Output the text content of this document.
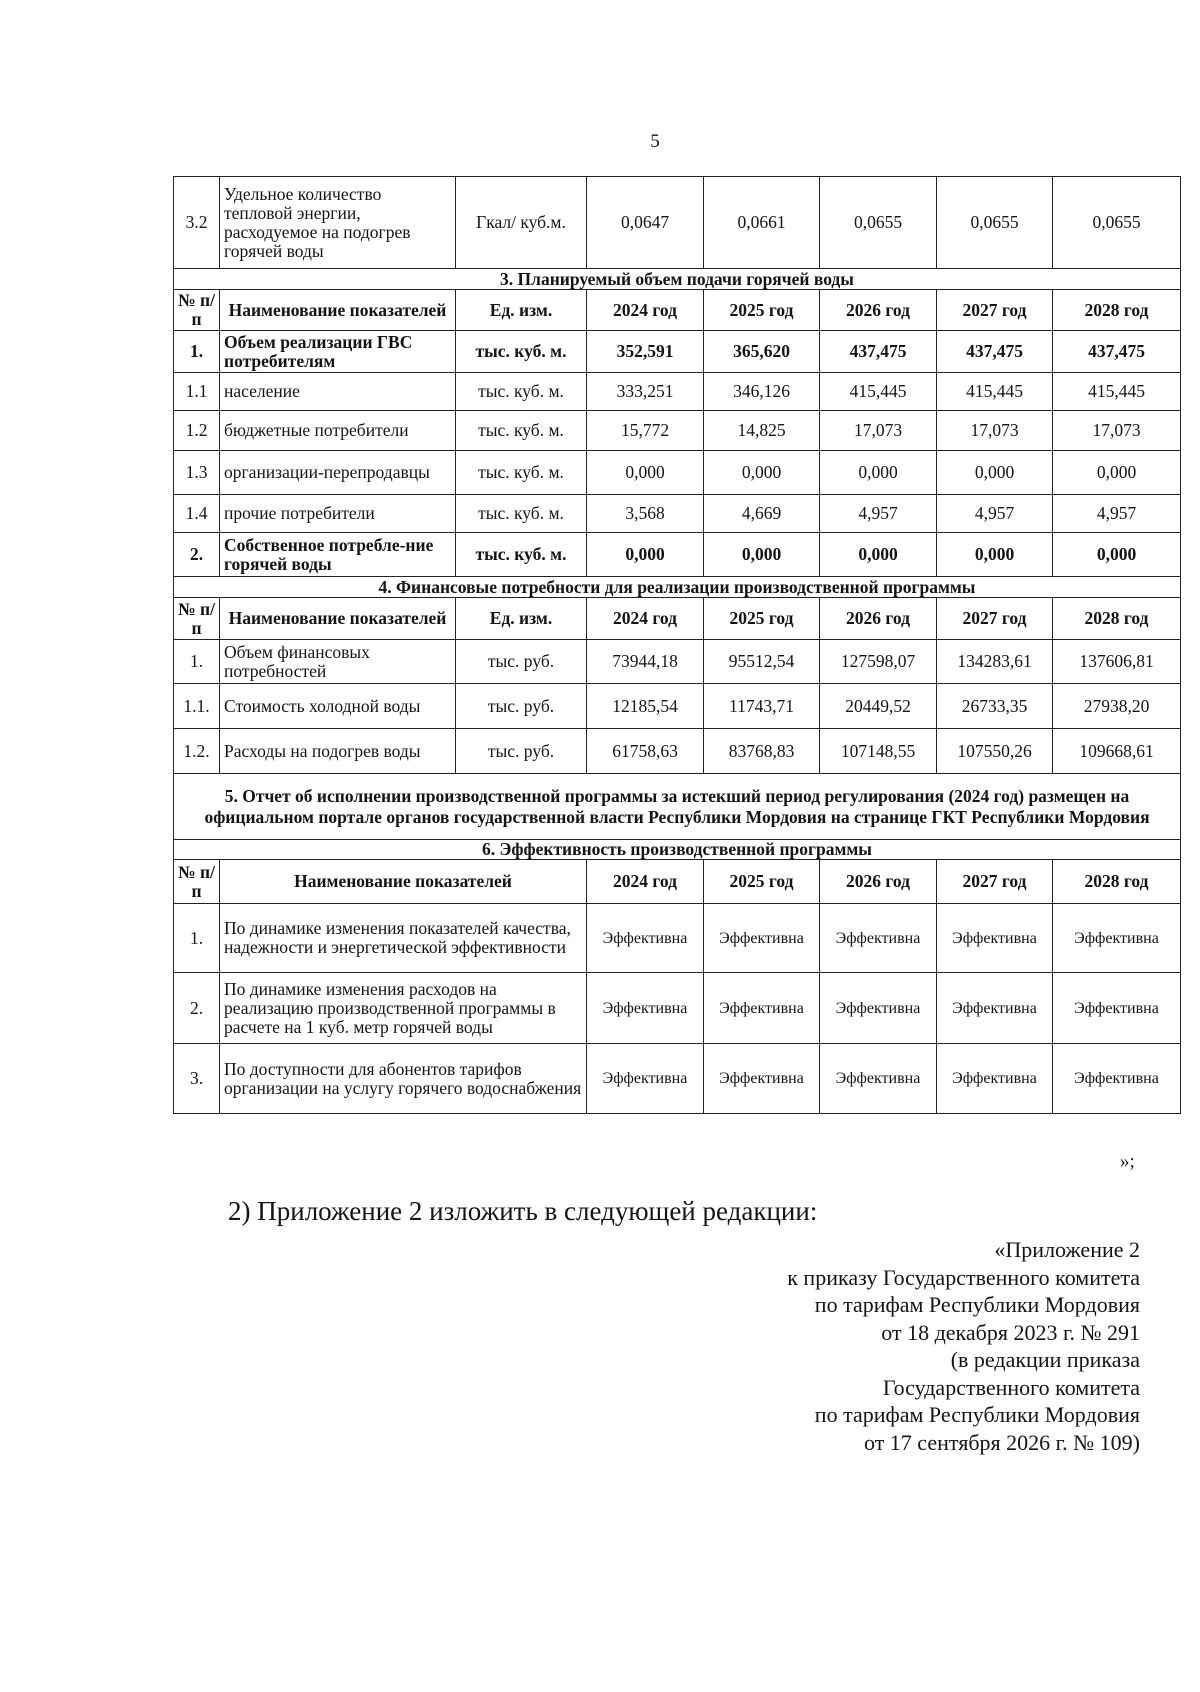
5
3.2	Удельное количество тепловой энергии, расходуемое на подогрев горячей воды	Гкал/ куб.м.	0,0647	0,0661	0,0655	0,0655	0,0655
3. Планируемый объем подачи горячей воды							
№ п/п	Наименование показателей	Ед. изм.	2024 год	2025 год	2026 год	2027 год	2028 год
1.	Объем реализации ГВС потребителям	тыс. куб. м.	352,591	365,620	437,475	437,475	437,475
1.1	население	тыс. куб. м.	333,251	346,126	415,445	415,445	415,445
1.2	бюджетные потребители	тыс. куб. м.	15,772	14,825	17,073	17,073	17,073
1.3	организации-перепродавцы	тыс. куб. м.	0,000	0,000	0,000	0,000	0,000
1.4	прочие потребители	тыс. куб. м.	3,568	4,669	4,957	4,957	4,957
2.	Собственное потребле-ние горячей воды	тыс. куб. м.	0,000	0,000	0,000	0,000	0,000
4. Финансовые потребности для реализации производственной программы							
№ п/п	Наименование показателей	Ед. изм.	2024 год	2025 год	2026 год	2027 год	2028 год
1.	Объем финансовых потребностей	тыс. руб.	73944,18	95512,54	127598,07	134283,61	137606,81
1.1.	Стоимость холодной воды	тыс. руб.	12185,54	11743,71	20449,52	26733,35	27938,20
1.2.	Расходы на подогрев воды	тыс. руб.	61758,63	83768,83	107148,55	107550,26	109668,61
5. Отчет об исполнении производственной программы за истекший период регулирования (2024 год) размещен на официальном портале органов государственной власти Республики Мордовия на странице ГКТ Республики Мордовия							
6. Эффективность производственной программы							
№ п/п	Наименование показателей		2024 год	2025 год	2026 год	2027 год	2028 год
1.	По динамике изменения показателей качества, надежности и энергетической эффективности		Эффективна	Эффективна	Эффективна	Эффективна	Эффективна
2.	По динамике изменения расходов на реализацию производственной программы в расчете на 1 куб. метр горячей воды		Эффективна	Эффективна	Эффективна	Эффективна	Эффективна
3.	По доступности для абонентов тарифов организации на услугу горячего водоснабжения		Эффективна	Эффективна	Эффективна	Эффективна	Эффективна
»;
2) Приложение 2 изложить в следующей редакции:
«Приложение 2
к приказу Государственного комитета
по тарифам Республики Мордовия
от 18 декабря 2023 г. № 291
(в редакции приказа
Государственного комитета
по тарифам Республики Мордовия
от 17 сентября 2026 г. № 109)
